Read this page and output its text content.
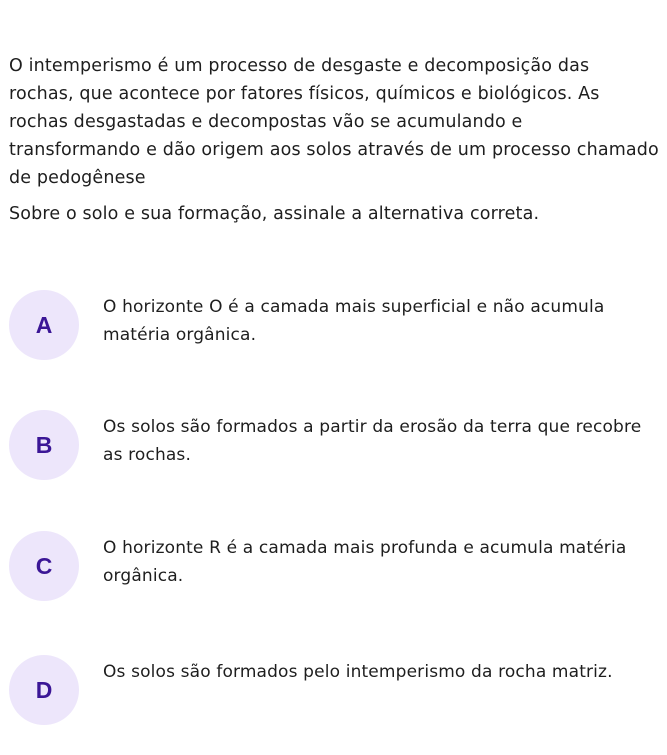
O intemperismo é um processo de desgaste e decomposição das rochas, que acontece por fatores físicos, químicos e biológicos. As rochas desgastadas e decompostas vão se acumulando e transformando e dão origem aos solos através de um processo chamado de pedogênese

Sobre o solo e sua formação, assinale a alternativa correta.
A
O horizonte O é a camada mais superficial e não acumula matéria orgânica.
B
Os solos são formados a partir da erosão da terra que recobre as rochas.
C
O horizonte R é a camada mais profunda e acumula matéria orgânica.
D
Os solos são formados pelo intemperismo da rocha matriz.
